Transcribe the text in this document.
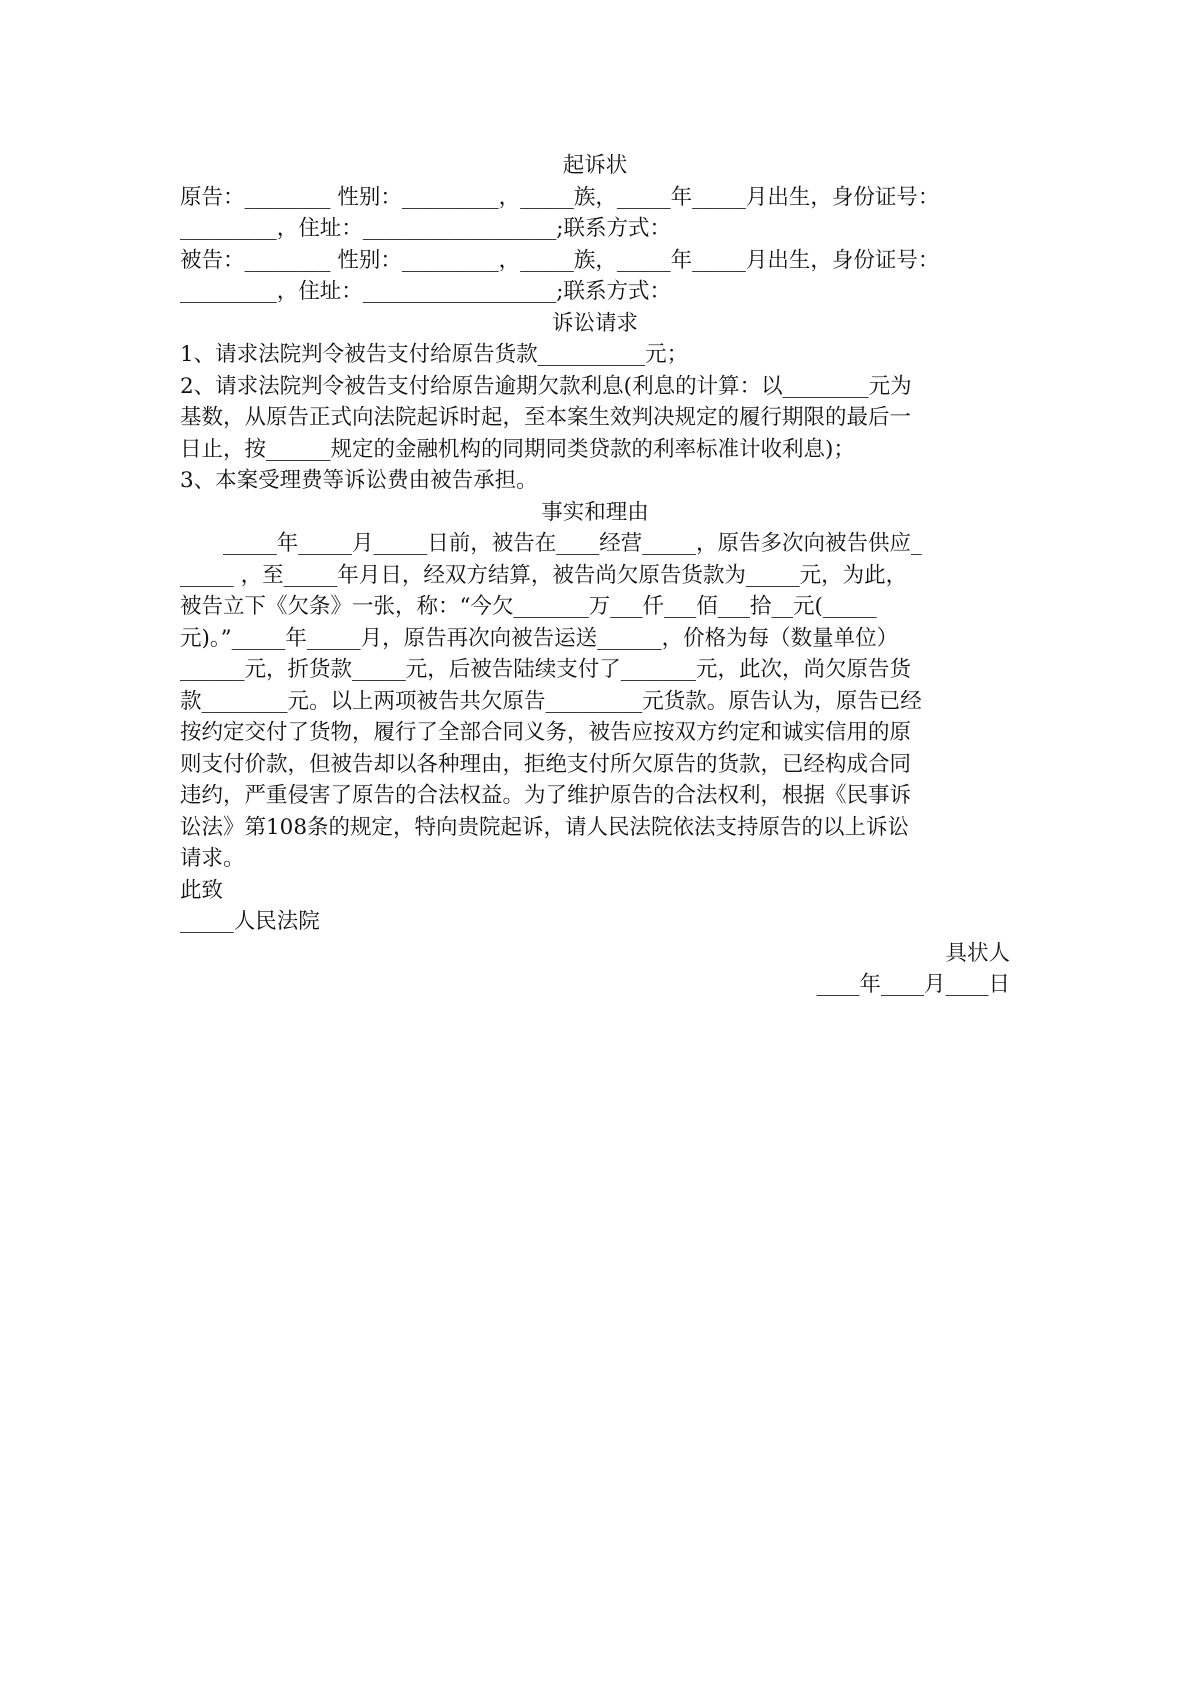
起诉状
原告：________ 性别：_________，_____族，_____年_____月出生，身份证号：
_________，住址：__________________;联系方式：
被告：________ 性别：_________，_____族，_____年_____月出生，身份证号：
_________，住址：__________________;联系方式：
诉讼请求
1、请求法院判令被告支付给原告货款__________元；
2、请求法院判令被告支付给原告逾期欠款利息(利息的计算：以________元为
基数，从原告正式向法院起诉时起，至本案生效判决规定的履行期限的最后一
日止，按______规定的金融机构的同期同类贷款的利率标准计收利息)；
3、本案受理费等诉讼费由被告承担。
事实和理由
_____年_____月_____日前，被告在____经营_____，原告多次向被告供应_
_____ ，至_____年月日，经双方结算，被告尚欠原告货款为_____元，为此，
被告立下《欠条》一张，称：“今欠_______万___仟___佰___拾__元(_____
元)。”_____年_____月，原告再次向被告运送______，价格为每（数量单位）
______元，折货款_____元，后被告陆续支付了_______元，此次，尚欠原告货
款________元。以上两项被告共欠原告_________元货款。原告认为，原告已经
按约定交付了货物，履行了全部合同义务，被告应按双方约定和诚实信用的原
则支付价款，但被告却以各种理由，拒绝支付所欠原告的货款，已经构成合同
违约，严重侵害了原告的合法权益。为了维护原告的合法权利，根据《民事诉
讼法》第108条的规定，特向贵院起诉，请人民法院依法支持原告的以上诉讼
请求。
此致
_____人民法院
具状人
____年____月____日
